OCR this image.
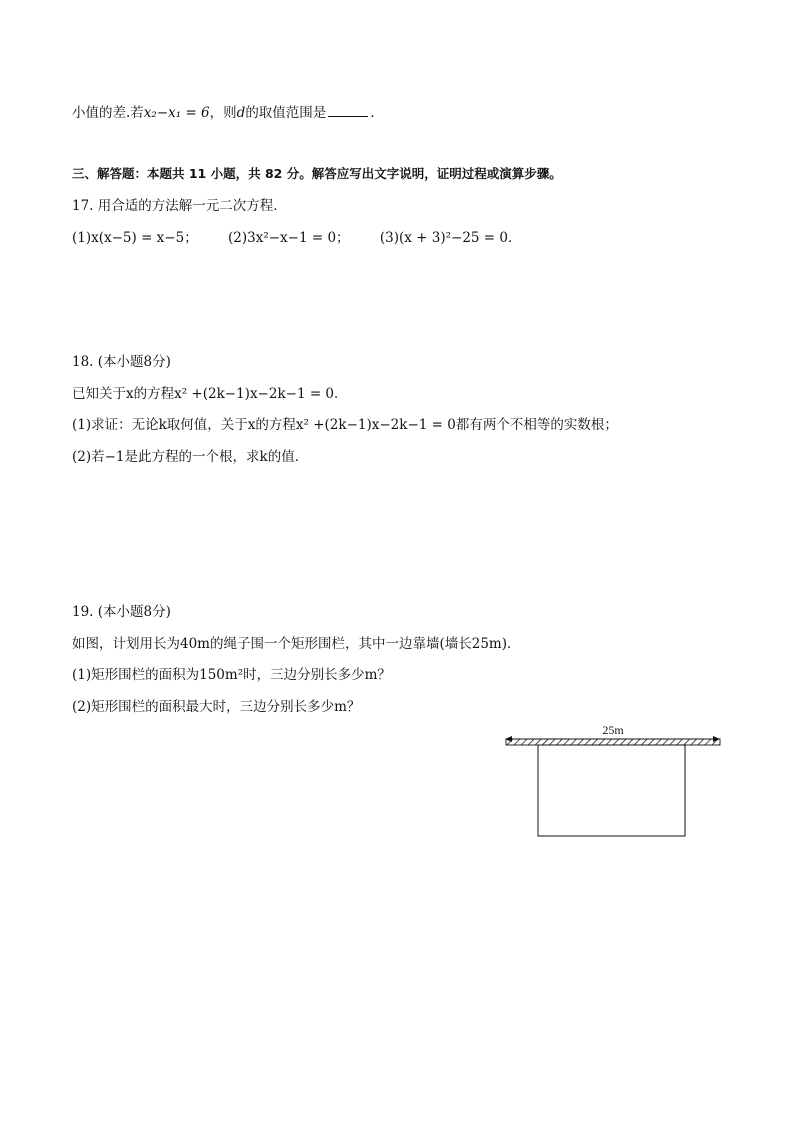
小值的差.若x₂−x₁ = 6，则d的取值范围是	．
三、解答题：本题共 11 小题，共 82 分。解答应写出文字说明，证明过程或演算步骤。
17. 用合适的方法解一元二次方程．
(1)x(x−5) = x−5； (2)3x²−x−1 = 0； (3)(x + 3)²−25 = 0．
18. (本小题8分)
已知关于x的方程x² +(2k−1)x−2k−1 = 0．
(1)求证：无论k取何值，关于x的方程x² +(2k−1)x−2k−1 = 0都有两个不相等的实数根；
(2)若−1是此方程的一个根，求k的值．
19. (本小题8分)
如图，计划用长为40m的绳子围一个矩形围栏，其中一边靠墙(墙长25m)．
(1)矩形围栏的面积为150m²时，三边分别长多少m？
(2)矩形围栏的面积最大时，三边分别长多少m？
25m
